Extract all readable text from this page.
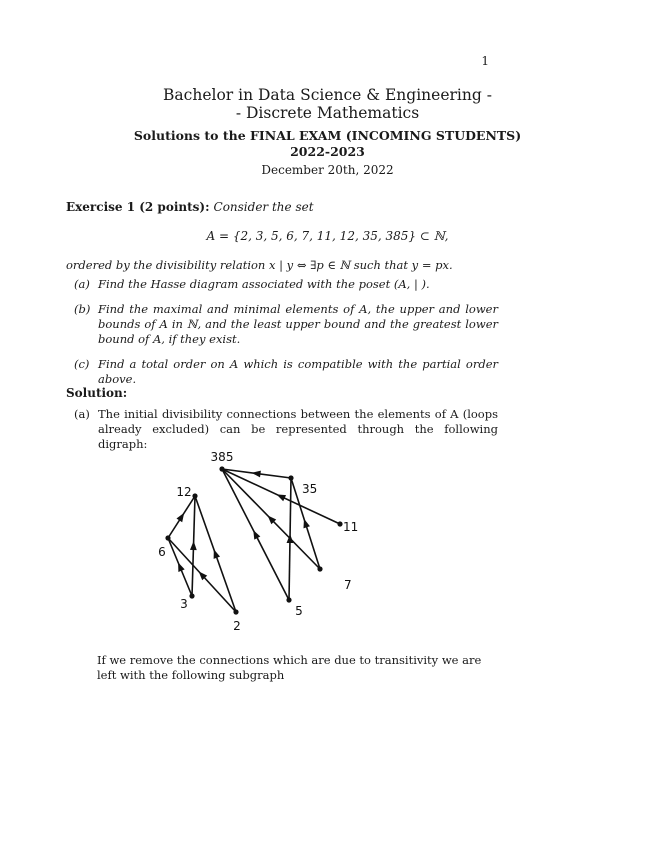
1
Bachelor in Data Science & Engineering -
- Discrete Mathematics
Solutions to the FINAL EXAM (INCOMING STUDENTS)
2022-2023
December 20th, 2022
Exercise 1 (2 points): Consider the set
A = {2, 3, 5, 6, 7, 11, 12, 35, 385} ⊂ ℕ,
ordered by the divisibility relation x | y ⇔ ∃p ∈ ℕ such that y = px.
(a) Find the Hasse diagram associated with the poset (A, | ).
(b) Find the maximal and minimal elements of A, the upper and lower bounds of A in ℕ, and the least upper bound and the greatest lower bound of A, if they exist.
(c) Find a total order on A which is compatible with the partial order above.
Solution:
(a) The initial divisibility connections between the elements of A (loops already excluded) can be represented through the following digraph:
385
12	35
11
6
7
3	5
2
If we remove the connections which are due to transitivity we are left with the following subgraph
